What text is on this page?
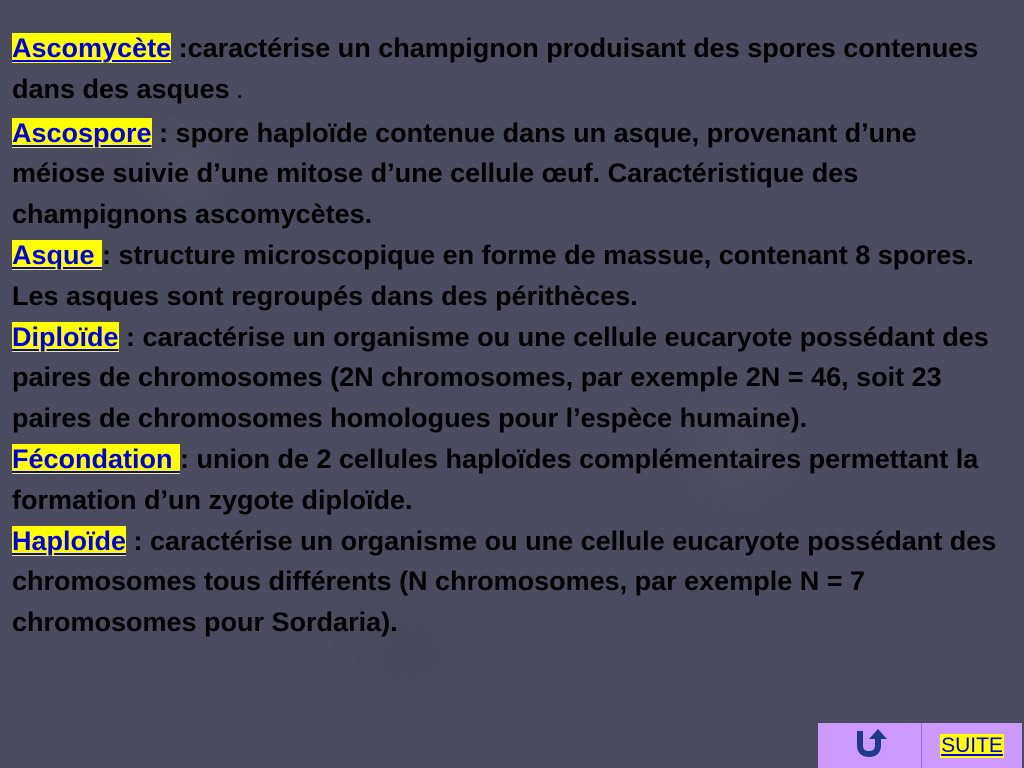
Ascomycète :caractérise un champignon produisant des spores contenues dans des asques .
Ascospore : spore haploïde contenue dans un asque, provenant d’une méiose suivie d’une mitose d’une cellule œuf. Caractéristique des champignons ascomycètes.
Asque : structure microscopique en forme de massue, contenant 8 spores. Les asques sont regroupés dans des périthèces.
Diploïde : caractérise un organisme ou une cellule eucaryote possédant des paires de chromosomes (2N chromosomes, par exemple 2N = 46, soit 23 paires de chromosomes homologues pour l’espèce humaine).
Fécondation : union de 2 cellules haploïdes complémentaires permettant la formation d’un zygote diploïde.
Haploïde : caractérise un organisme ou une cellule eucaryote possédant des chromosomes tous différents (N chromosomes, par exemple N = 7 chromosomes pour Sordaria).
SUITE
